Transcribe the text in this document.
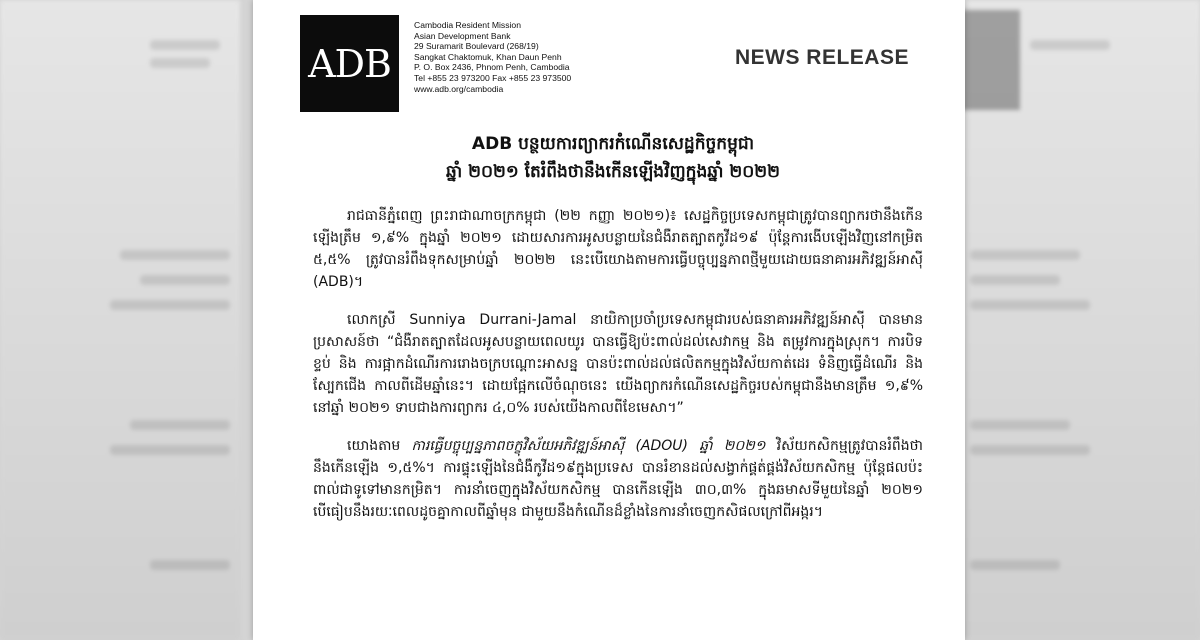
ADB
Cambodia Resident Mission
Asian Development Bank
29 Suramarit Boulevard (268/19)
Sangkat Chaktomuk, Khan Daun Penh
P. O. Box 2436, Phnom Penh, Cambodia
Tel +855 23 973200 Fax +855 23 973500
www.adb.org/cambodia
NEWS RELEASE
ADB បន្ថយការព្យាករកំណើនសេដ្ឋកិច្ចកម្ពុជា
ឆ្នាំ ២០២១ តែរំពឹងថានឹងកើនឡើងវិញក្នុងឆ្នាំ ២០២២

រាជធានីភ្នំពេញ ព្រះរាជាណាចក្រកម្ពុជា (២២ កញ្ញា ២០២១)៖ សេដ្ឋកិច្ចប្រទេសកម្ពុជាត្រូវបានព្យាករថានឹងកើនឡើងត្រឹម ១,៩% ក្នុងឆ្នាំ ២០២១ ដោយសារការអូសបន្លាយនៃជំងឺរាតត្បាតកូវីដ១៩ ប៉ុន្តែការងើបឡើងវិញនៅកម្រិត ៥,៥% ត្រូវបានរំពឹងទុកសម្រាប់ឆ្នាំ ២០២២ នេះបើយោងតាមការធ្វើបច្ចុប្បន្នភាពថ្មីមួយដោយធនាគារអភិវឌ្ឍន៍អាស៊ី (ADB)។

លោកស្រី Sunniya Durrani-Jamal នាយិកាប្រចាំប្រទេសកម្ពុជារបស់ធនាគារអភិវឌ្ឍន៍អាស៊ី បានមានប្រសាសន៍ថា “ជំងឺរាតត្បាតដែលអូសបន្លាយពេលយូរ បានធ្វើឱ្យប៉ះពាល់ដល់សេវាកម្ម និង តម្រូវការក្នុងស្រុក។ ការបិទខ្ទប់ និង ការផ្អាកដំណើរការរោងចក្របណ្ដោះអាសន្ន បានប៉ះពាល់ដល់ផលិតកម្មក្នុងវិស័យកាត់ដេរ ទំនិញធ្វើដំណើរ និង ស្បែកជើង កាលពីដើមឆ្នាំនេះ។ ដោយផ្អែកលើចំណុចនេះ យើងព្យាករកំណើនសេដ្ឋកិច្ចរបស់កម្ពុជានឹងមានត្រឹម ១,៩% នៅឆ្នាំ ២០២១ ទាបជាងការព្យាករ ៤,០% របស់យើងកាលពីខែមេសា។”

យោងតាម ការធ្វើបច្ចុប្បន្នភាពចក្ខុវិស័យអភិវឌ្ឍន៍អាស៊ី (ADOU) ឆ្នាំ ២០២១ វិស័យកសិកម្មត្រូវបានរំពឹងថានឹងកើនឡើង ១,៥%។ ការផ្ទុះឡើងនៃជំងឺកូវីដ១៩ក្នុងប្រទេស បានរំខានដល់សង្វាក់ផ្គត់ផ្គង់វិស័យកសិកម្ម ប៉ុន្តែផលប៉ះពាល់ជាទូទៅមានកម្រិត។ ការនាំចេញក្នុងវិស័យកសិកម្ម បានកើនឡើង ៣០,៣% ក្នុងឆមាសទីមួយនៃឆ្នាំ ២០២១ បើធៀបនឹងរយៈពេលដូចគ្នាកាលពីឆ្នាំមុន ជាមួយនឹងកំណើនដ៏ខ្លាំងនៃការនាំចេញកសិផលក្រៅពីអង្ករ។
